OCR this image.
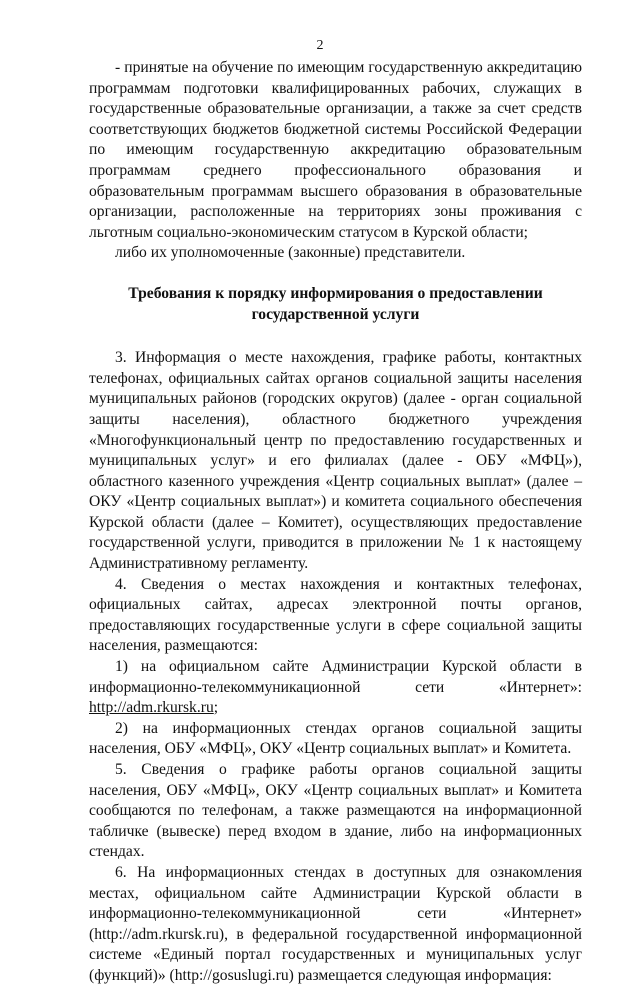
2

- принятые на обучение по имеющим государственную аккредитацию программам подготовки квалифицированных рабочих, служащих в государственные образовательные организации, а также за счет средств соответствующих бюджетов бюджетной системы Российской Федерации по имеющим государственную аккредитацию образовательным программам среднего профессионального образования и образовательным программам высшего образования в образовательные организации, расположенные на территориях зоны проживания с льготным социально-экономическим статусом в Курской области;

либо их уполномоченные (законные) представители.

Требования к порядку информирования о предоставлении
государственной услуги

3. Информация о месте нахождения, графике работы, контактных телефонах, официальных сайтах органов социальной защиты населения муниципальных районов (городских округов) (далее - орган социальной защиты населения), областного бюджетного учреждения «Многофункциональный центр по предоставлению государственных и муниципальных услуг» и его филиалах (далее - ОБУ «МФЦ»), областного казенного учреждения «Центр социальных выплат» (далее – ОКУ «Центр социальных выплат») и комитета социального обеспечения Курской области (далее – Комитет), осуществляющих предоставление государственной услуги, приводится в приложении № 1 к настоящему Административному регламенту.

4. Сведения о местах нахождения и контактных телефонах, официальных сайтах, адресах электронной почты органов, предоставляющих государственные услуги в сфере социальной защиты населения, размещаются:

1) на официальном сайте Администрации Курской области в информационно-телекоммуникационной сети «Интернет»: http://adm.rkursk.ru;

2) на информационных стендах органов социальной защиты населения, ОБУ «МФЦ», ОКУ «Центр социальных выплат» и Комитета.

5. Сведения о графике работы органов социальной защиты населения, ОБУ «МФЦ», ОКУ «Центр социальных выплат» и Комитета сообщаются по телефонам, а также размещаются на информационной табличке (вывеске) перед входом в здание, либо на информационных стендах.

6. На информационных стендах в доступных для ознакомления местах, официальном сайте Администрации Курской области в информационно-телекоммуникационной сети «Интернет» (http://adm.rkursk.ru), в федеральной государственной информационной системе «Единый портал государственных и муниципальных услуг (функций)» (http://gosuslugi.ru) размещается следующая информация:
